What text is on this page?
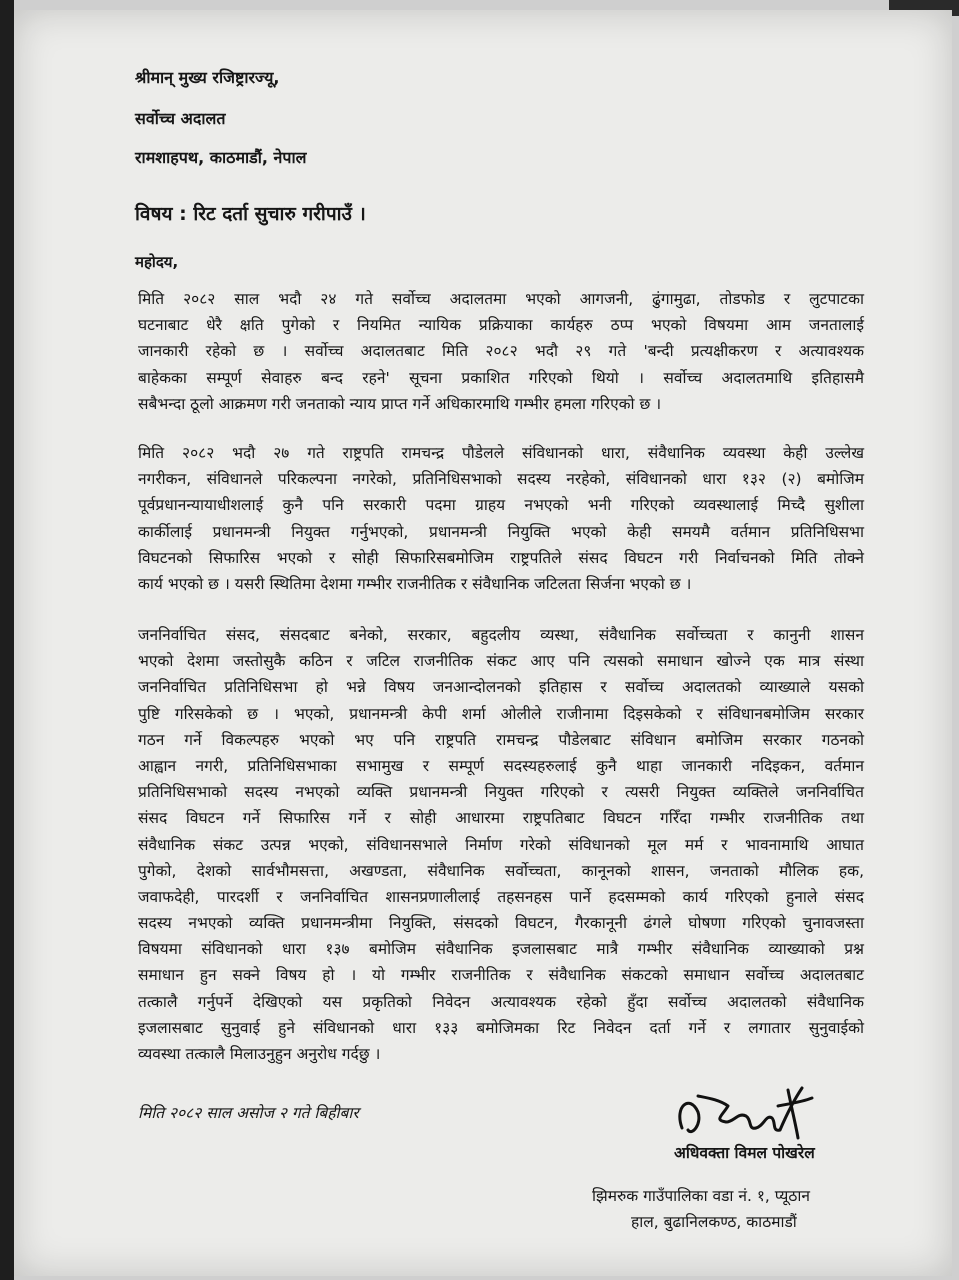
श्रीमान् मुख्य रजिष्ट्रारज्यू,
सर्वोच्च अदालत
रामशाहपथ, काठमाडौं, नेपाल
विषय : रिट दर्ता सुचारु गरीपाउँ ।
महोदय,
मिति २०८२ साल भदौ २४ गते सर्वोच्च अदालतमा भएको आगजनी, ढुंगामुढा, तोडफोड र लुटपाटका
घटनाबाट धेरै क्षति पुगेको र नियमित न्यायिक प्रक्रियाका कार्यहरु ठप्प भएको विषयमा आम जनतालाई
जानकारी रहेको छ । सर्वोच्च अदालतबाट मिति २०८२ भदौ २९ गते 'बन्दी प्रत्यक्षीकरण र अत्यावश्यक
बाहेकका सम्पूर्ण सेवाहरु बन्द रहने' सूचना प्रकाशित गरिएको थियो । सर्वोच्च अदालतमाथि इतिहासमै
सबैभन्दा ठूलो आक्रमण गरी जनताको न्याय प्राप्त गर्ने अधिकारमाथि गम्भीर हमला गरिएको छ ।
मिति २०८२ भदौ २७ गते राष्ट्रपति रामचन्द्र पौडेलले संविधानको धारा, संवैधानिक व्यवस्था केही उल्लेख
नगरीकन, संविधानले परिकल्पना नगरेको, प्रतिनिधिसभाको सदस्य नरहेको, संविधानको धारा १३२ (२) बमोजिम
पूर्वप्रधानन्यायाधीशलाई कुनै पनि सरकारी पदमा ग्राहय नभएको भनी गरिएको व्यवस्थालाई मिच्दै सुशीला
कार्कीलाई प्रधानमन्त्री नियुक्त गर्नुभएको, प्रधानमन्त्री नियुक्ति भएको केही समयमै वर्तमान प्रतिनिधिसभा
विघटनको सिफारिस भएको र सोही सिफारिसबमोजिम राष्ट्रपतिले संसद विघटन गरी निर्वाचनको मिति तोक्ने
कार्य भएको छ । यसरी स्थितिमा देशमा गम्भीर राजनीतिक र संवैधानिक जटिलता सिर्जना भएको छ ।
जननिर्वाचित संसद, संसदबाट बनेको, सरकार, बहुदलीय व्यस्था, संवैधानिक सर्वोच्चता र कानुनी शासन
भएको देशमा जस्तोसुकै कठिन र जटिल राजनीतिक संकट आए पनि त्यसको समाधान खोज्ने एक मात्र संस्था
जननिर्वाचित प्रतिनिधिसभा हो भन्ने विषय जनआन्दोलनको इतिहास र सर्वोच्च अदालतको व्याख्याले यसको
पुष्टि गरिसकेको छ । भएको, प्रधानमन्त्री केपी शर्मा ओलीले राजीनामा दिइसकेको र संविधानबमोजिम सरकार
गठन गर्ने विकल्पहरु भएको भए पनि राष्ट्रपति रामचन्द्र पौडेलबाट संविधान बमोजिम सरकार गठनको
आह्वान नगरी, प्रतिनिधिसभाका सभामुख र सम्पूर्ण सदस्यहरुलाई कुनै थाहा जानकारी नदिइकन, वर्तमान
प्रतिनिधिसभाको सदस्य नभएको व्यक्ति प्रधानमन्त्री नियुक्त गरिएको र त्यसरी नियुक्त व्यक्तिले जननिर्वाचित
संसद विघटन गर्ने सिफारिस गर्ने र सोही आधारमा राष्ट्रपतिबाट विघटन गरिँदा गम्भीर राजनीतिक तथा
संवैधानिक संकट उत्पन्न भएको, संविधानसभाले निर्माण गरेको संविधानको मूल मर्म र भावनामाथि आघात
पुगेको, देशको सार्वभौमसत्ता, अखण्डता, संवैधानिक सर्वोच्चता, कानूनको शासन, जनताको मौलिक हक,
जवाफदेही, पारदर्शी र जननिर्वाचित शासनप्रणालीलाई तहसनहस पार्ने हदसम्मको कार्य गरिएको हुनाले संसद
सदस्य नभएको व्यक्ति प्रधानमन्त्रीमा नियुक्ति, संसदको विघटन, गैरकानूनी ढंगले घोषणा गरिएको चुनावजस्ता
विषयमा संविधानको धारा १३७ बमोजिम संवैधानिक इजलासबाट मात्रै गम्भीर संवैधानिक व्याख्याको प्रश्न
समाधान हुन सक्ने विषय हो । यो गम्भीर राजनीतिक र संवैधानिक संकटको समाधान सर्वोच्च अदालतबाट
तत्कालै गर्नुपर्ने देखिएको यस प्रकृतिको निवेदन अत्यावश्यक रहेको हुँदा सर्वोच्च अदालतको संवैधानिक
इजलासबाट सुनुवाई हुने संविधानको धारा १३३ बमोजिमका रिट निवेदन दर्ता गर्ने र लगातार सुनुवाईको
व्यवस्था तत्कालै मिलाउनुहुन अनुरोध गर्दछु ।
मिति २०८२ साल असोज २ गते बिहीबार
अधिवक्ता विमल पोखरेल
झिमरुक गाउँपालिका वडा नं. १, प्यूठान
हाल, बुढानिलकण्ठ, काठमाडौं
